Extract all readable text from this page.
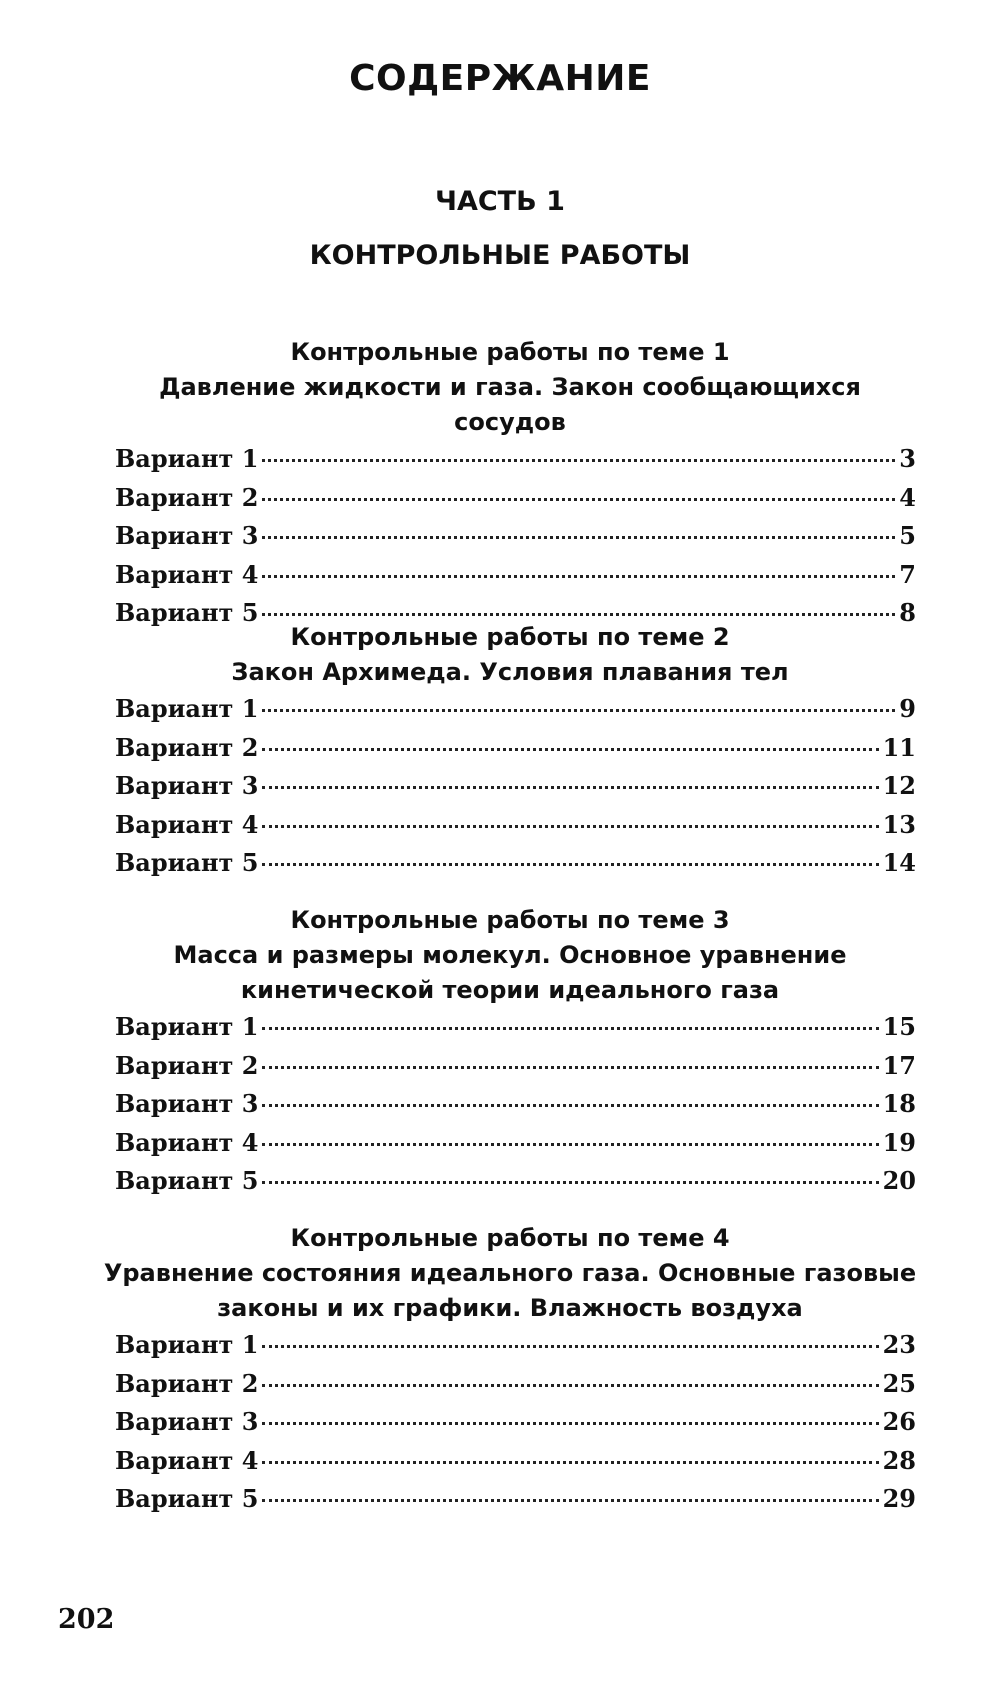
СОДЕРЖАНИЕ
ЧАСТЬ 1
КОНТРОЛЬНЫЕ РАБОТЫ
Контрольные работы по теме 1
Давление жидкости и газа. Закон сообщающихся сосудов
Вариант 1	3
Вариант 2	4
Вариант 3	5
Вариант 4	7
Вариант 5	8
Контрольные работы по теме 2
Закон Архимеда. Условия плавания тел
Вариант 1	9
Вариант 2	11
Вариант 3	12
Вариант 4	13
Вариант 5	14
Контрольные работы по теме 3
Масса и размеры молекул. Основное уравнение кинетической теории идеального газа
Вариант 1	15
Вариант 2	17
Вариант 3	18
Вариант 4	19
Вариант 5	20
Контрольные работы по теме 4
Уравнение состояния идеального газа. Основные газовые законы и их графики. Влажность воздуха
Вариант 1	23
Вариант 2	25
Вариант 3	26
Вариант 4	28
Вариант 5	29
202
